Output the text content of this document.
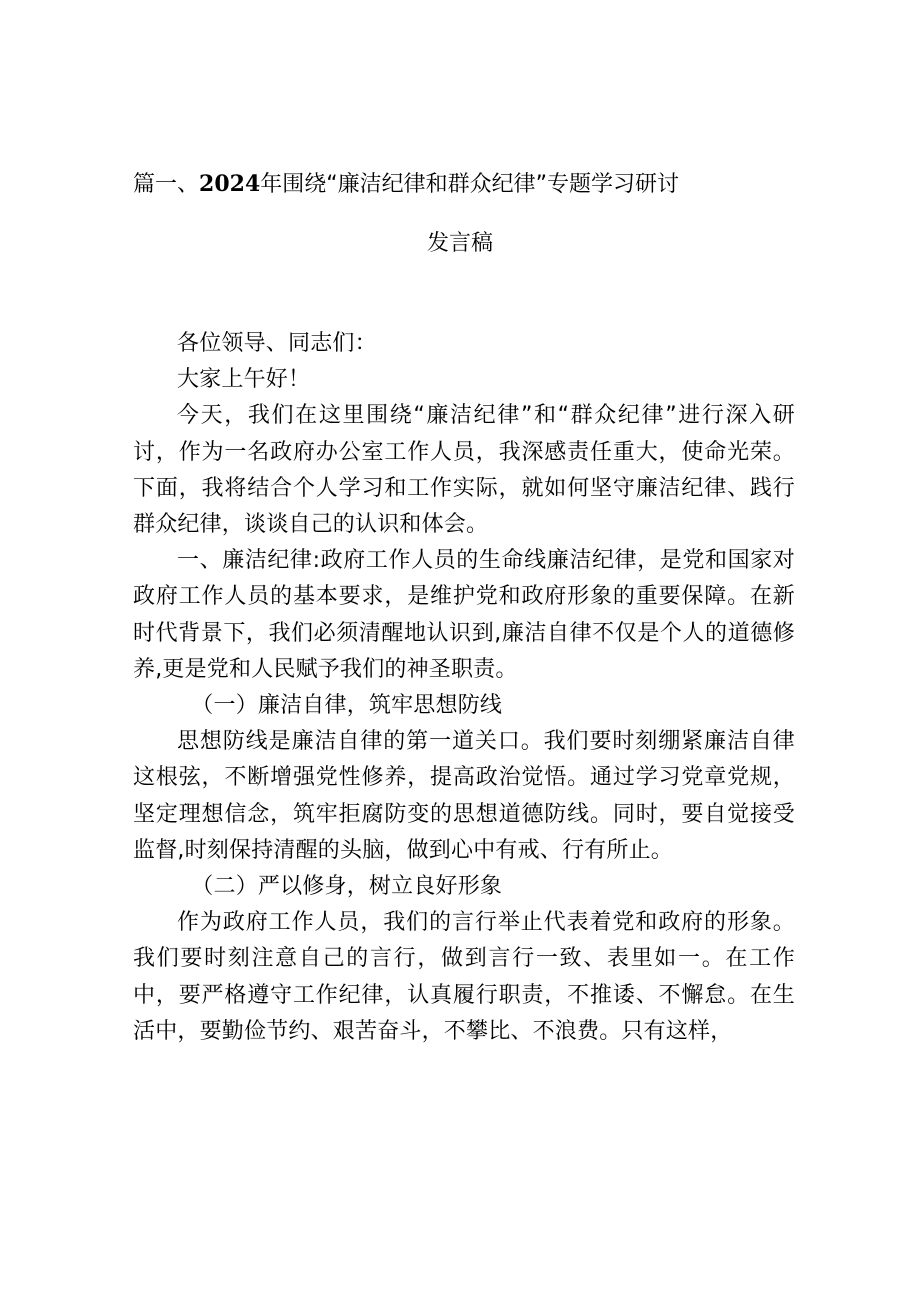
篇一、2024年围绕“廉洁纪律和群众纪律”专题学习研讨
发言稿

各位领导、同志们：

大家上午好！

今天，我们在这里围绕“廉洁纪律”和“群众纪律”进行深入研讨，作为一名政府办公室工作人员，我深感责任重大，使命光荣。下面，我将结合个人学习和工作实际，就如何坚守廉洁纪律、践行群众纪律，谈谈自己的认识和体会。

一、廉洁纪律:政府工作人员的生命线廉洁纪律，是党和国家对政府工作人员的基本要求，是维护党和政府形象的重要保障。在新时代背景下，我们必须清醒地认识到,廉洁自律不仅是个人的道德修养,更是党和人民赋予我们的神圣职责。

（一）廉洁自律，筑牢思想防线

思想防线是廉洁自律的第一道关口。我们要时刻绷紧廉洁自律这根弦，不断增强党性修养，提高政治觉悟。通过学习党章党规，坚定理想信念，筑牢拒腐防变的思想道德防线。同时，要自觉接受监督,时刻保持清醒的头脑，做到心中有戒、行有所止。

（二）严以修身，树立良好形象

作为政府工作人员，我们的言行举止代表着党和政府的形象。我们要时刻注意自己的言行，做到言行一致、表里如一。在工作中，要严格遵守工作纪律，认真履行职责，不推诿、不懈怠。在生活中，要勤俭节约、艰苦奋斗，不攀比、不浪费。只有这样，
